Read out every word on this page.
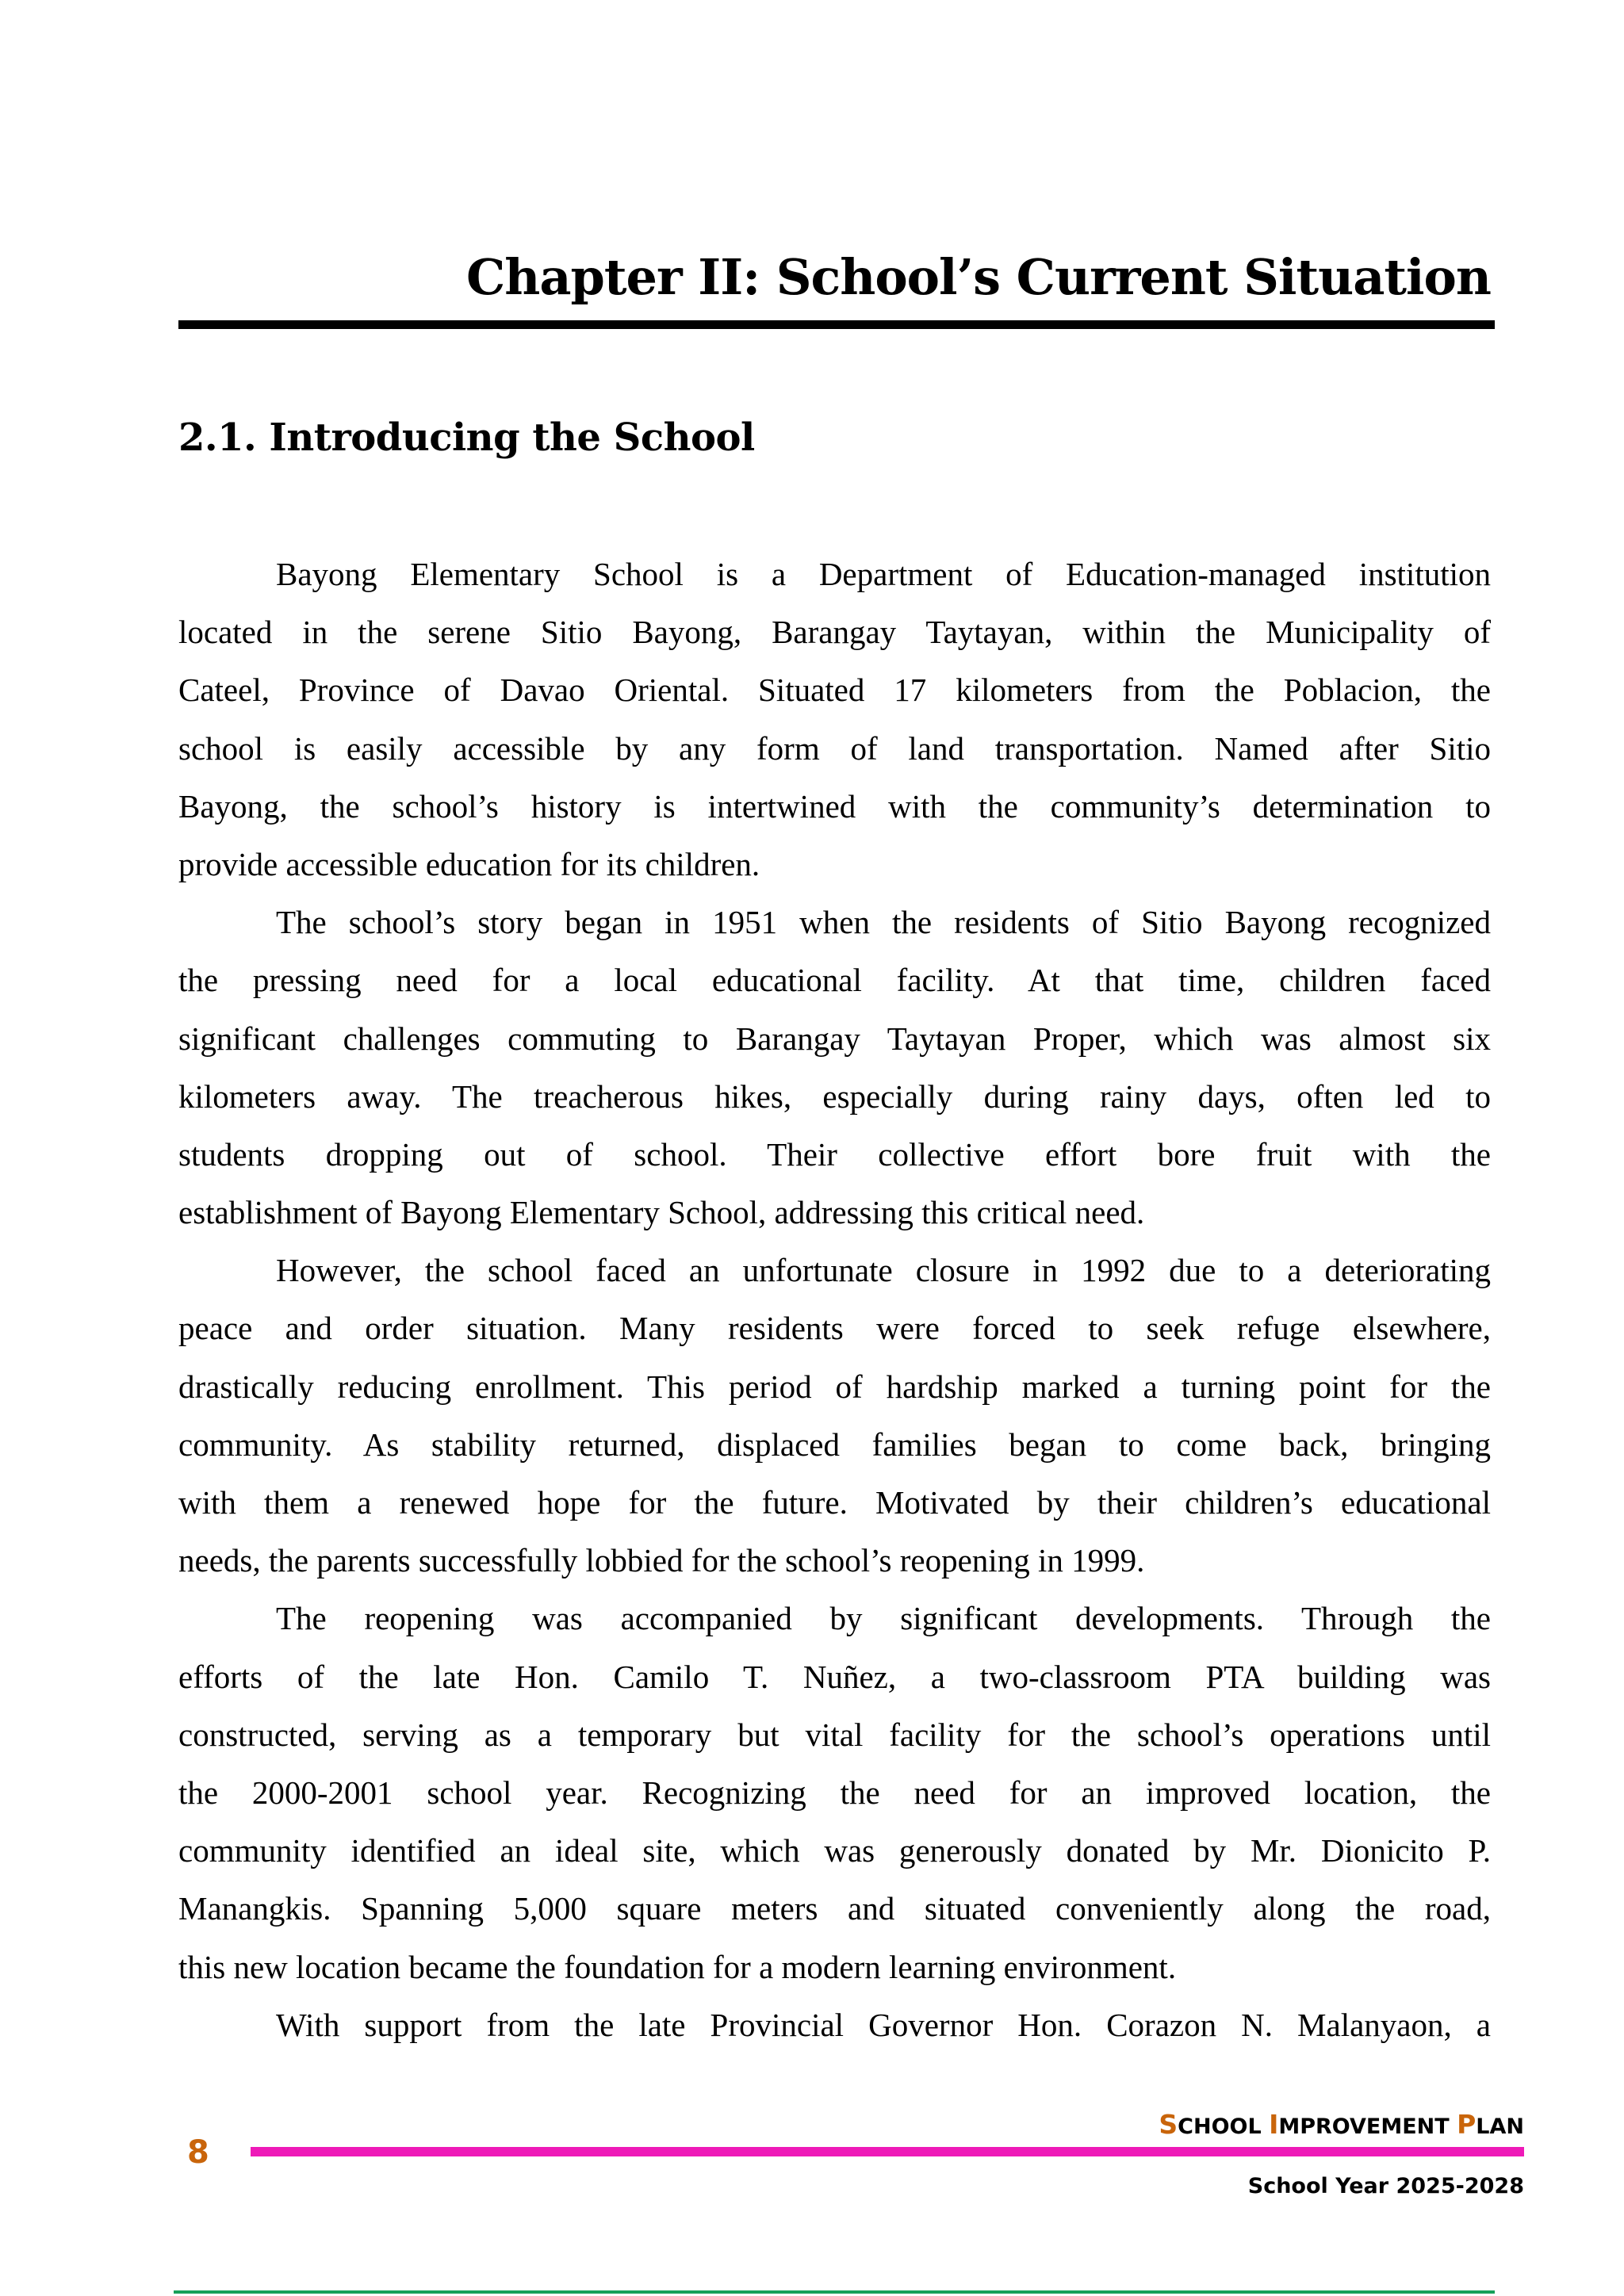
Chapter II: School’s Current Situation
2.1. Introducing the School
Bayong Elementary School is a Department of Education-managed institution
located in the serene Sitio Bayong, Barangay Taytayan, within the Municipality of
Cateel, Province of Davao Oriental. Situated 17 kilometers from the Poblacion, the
school is easily accessible by any form of land transportation. Named after Sitio
Bayong, the school’s history is intertwined with the community’s determination to
provide accessible education for its children.
The school’s story began in 1951 when the residents of Sitio Bayong recognized
the pressing need for a local educational facility. At that time, children faced
significant challenges commuting to Barangay Taytayan Proper, which was almost six
kilometers away. The treacherous hikes, especially during rainy days, often led to
students dropping out of school. Their collective effort bore fruit with the
establishment of Bayong Elementary School, addressing this critical need.
However, the school faced an unfortunate closure in 1992 due to a deteriorating
peace and order situation. Many residents were forced to seek refuge elsewhere,
drastically reducing enrollment. This period of hardship marked a turning point for the
community. As stability returned, displaced families began to come back, bringing
with them a renewed hope for the future. Motivated by their children’s educational
needs, the parents successfully lobbied for the school’s reopening in 1999.
The reopening was accompanied by significant developments. Through the
efforts of the late Hon. Camilo T. Nuñez, a two-classroom PTA building was
constructed, serving as a temporary but vital facility for the school’s operations until
the 2000-2001 school year. Recognizing the need for an improved location, the
community identified an ideal site, which was generously donated by Mr. Dionicito P.
Manangkis. Spanning 5,000 square meters and situated conveniently along the road,
this new location became the foundation for a modern learning environment.
With support from the late Provincial Governor Hon. Corazon N. Malanyaon, a
8
SCHOOL IMPROVEMENT PLAN
School Year 2025-2028
